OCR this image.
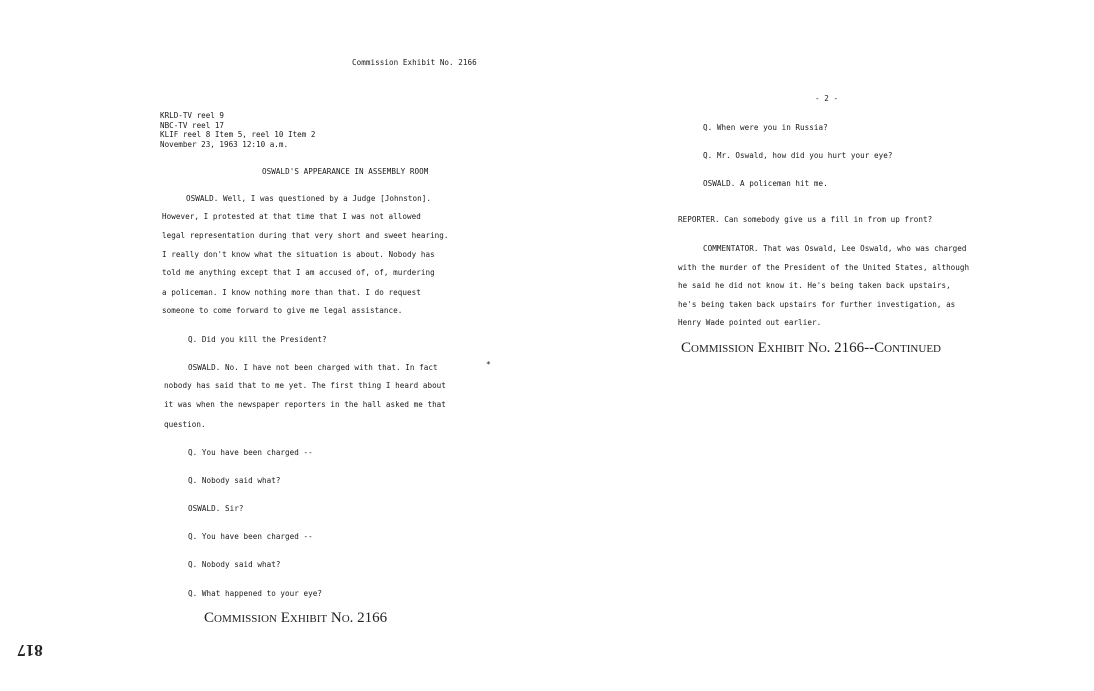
Commission Exhibit No. 2166
KRLD-TV reel 9
NBC-TV reel 17
KLIF reel 8 Item 5, reel 10 Item 2
November 23, 1963 12:10 a.m.
OSWALD'S APPEARANCE IN ASSEMBLY ROOM
OSWALD. Well, I was questioned by a Judge [Johnston].
However, I protested at that time that I was not allowed
legal representation during that very short and sweet hearing.
I really don't know what the situation is about. Nobody has
told me anything except that I am accused of, of, murdering
a policeman. I know nothing more than that. I do request
someone to come forward to give me legal assistance.
Q. Did you kill the President?
OSWALD. No. I have not been charged with that. In fact
nobody has said that to me yet. The first thing I heard about
it was when the newspaper reporters in the hall asked me that
question.
Q. You have been charged --
Q. Nobody said what?
OSWALD. Sir?
Q. You have been charged --
Q. Nobody said what?
Q. What happened to your eye?
*
Commission Exhibit No. 2166
817
- 2 -
Q. When were you in Russia?
Q. Mr. Oswald, how did you hurt your eye?
OSWALD. A policeman hit me.
REPORTER. Can somebody give us a fill in from up front?
COMMENTATOR. That was Oswald, Lee Oswald, who was charged
with the murder of the President of the United States, although
he said he did not know it. He's being taken back upstairs,
he's being taken back upstairs for further investigation, as
Henry Wade pointed out earlier.
Commission Exhibit No. 2166--Continued
